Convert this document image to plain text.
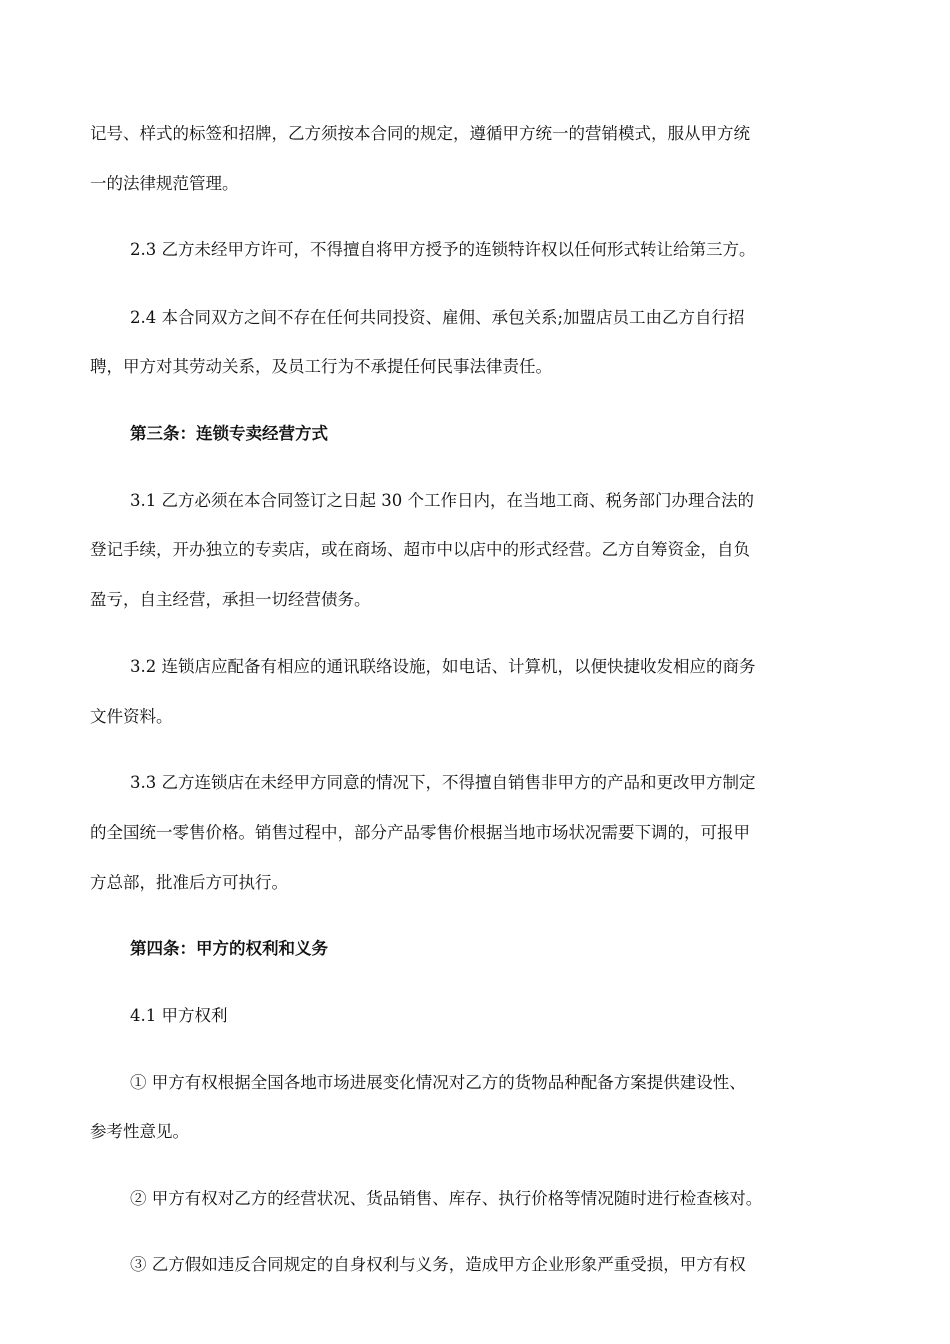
记号、样式的标签和招牌，乙方须按本合同的规定，遵循甲方统一的营销模式，服从甲方统
一的法律规范管理。
2.3 乙方未经甲方许可，不得擅自将甲方授予的连锁特许权以任何形式转让给第三方。
2.4 本合同双方之间不存在任何共同投资、雇佣、承包关系;加盟店员工由乙方自行招
聘，甲方对其劳动关系，及员工行为不承提任何民事法律责任。
第三条：连锁专卖经营方式
3.1 乙方必须在本合同签订之日起 30 个工作日内，在当地工商、税务部门办理合法的
登记手续，开办独立的专卖店，或在商场、超市中以店中的形式经营。乙方自筹资金，自负
盈亏，自主经营，承担一切经营债务。
3.2 连锁店应配备有相应的通讯联络设施，如电话、计算机，以便快捷收发相应的商务
文件资料。
3.3 乙方连锁店在未经甲方同意的情况下，不得擅自销售非甲方的产品和更改甲方制定
的全国统一零售价格。销售过程中，部分产品零售价根据当地市场状况需要下调的，可报甲
方总部，批准后方可执行。
第四条：甲方的权利和义务
4.1 甲方权利
① 甲方有权根据全国各地市场进展变化情况对乙方的货物品种配备方案提供建设性、
参考性意见。
② 甲方有权对乙方的经营状况、货品销售、库存、执行价格等情况随时进行检查核对。
③ 乙方假如违反合同规定的自身权利与义务，造成甲方企业形象严重受损，甲方有权
